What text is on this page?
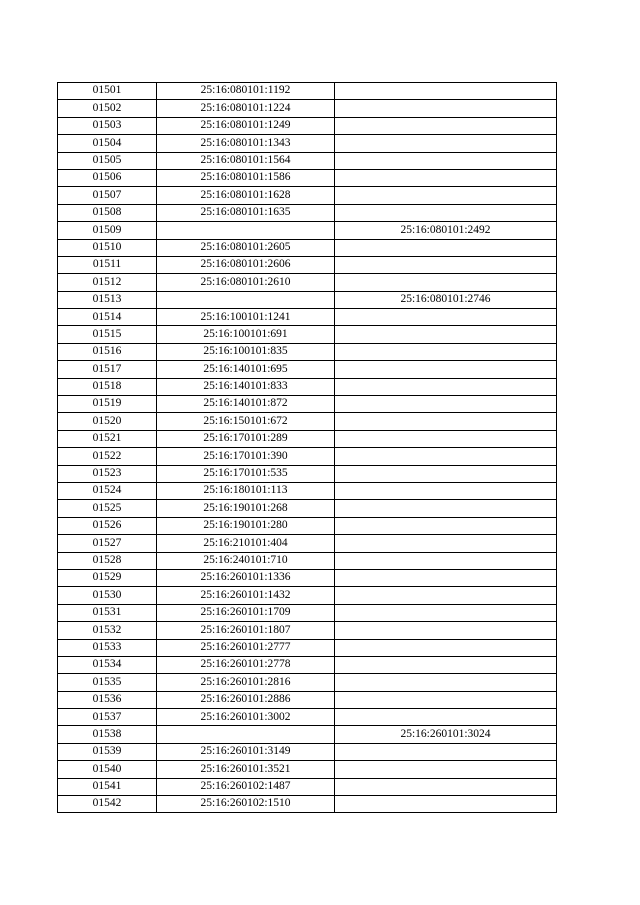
01501	25:16:080101:1192	
01502	25:16:080101:1224	
01503	25:16:080101:1249	
01504	25:16:080101:1343	
01505	25:16:080101:1564	
01506	25:16:080101:1586	
01507	25:16:080101:1628	
01508	25:16:080101:1635	
01509		25:16:080101:2492
01510	25:16:080101:2605	
01511	25:16:080101:2606	
01512	25:16:080101:2610	
01513		25:16:080101:2746
01514	25:16:100101:1241	
01515	25:16:100101:691	
01516	25:16:100101:835	
01517	25:16:140101:695	
01518	25:16:140101:833	
01519	25:16:140101:872	
01520	25:16:150101:672	
01521	25:16:170101:289	
01522	25:16:170101:390	
01523	25:16:170101:535	
01524	25:16:180101:113	
01525	25:16:190101:268	
01526	25:16:190101:280	
01527	25:16:210101:404	
01528	25:16:240101:710	
01529	25:16:260101:1336	
01530	25:16:260101:1432	
01531	25:16:260101:1709	
01532	25:16:260101:1807	
01533	25:16:260101:2777	
01534	25:16:260101:2778	
01535	25:16:260101:2816	
01536	25:16:260101:2886	
01537	25:16:260101:3002	
01538		25:16:260101:3024
01539	25:16:260101:3149	
01540	25:16:260101:3521	
01541	25:16:260102:1487	
01542	25:16:260102:1510	
